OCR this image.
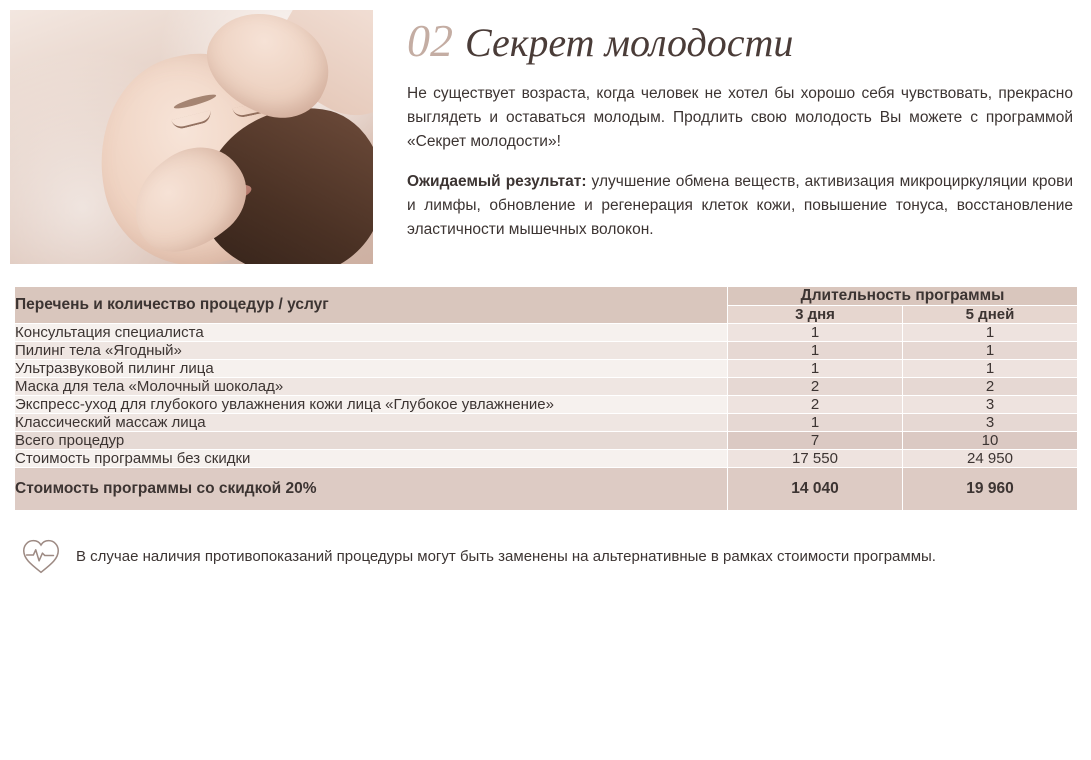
02 Секрет молодости

Не существует возраста, когда человек не хотел бы хорошо себя чувствовать, прекрасно выглядеть и оставаться молодым. Продлить свою молодость Вы можете с программой «Секрет молодости»!

Ожидаемый результат: улучшение обмена веществ, активизация микроциркуляции крови и лимфы, обновление и регенерация клеток кожи, повышение тонуса, восстановление эластичности мышечных волокон.

Перечень и количество процедур / услуг	Длительность программы	
	3 дня	5 дней
Консультация специалиста	1	1
Пилинг тела «Ягодный»	1	1
Ультразвуковой пилинг лица	1	1
Маска для тела «Молочный шоколад»	2	2
Экспресс-уход для глубокого увлажнения кожи лица «Глубокое увлажнение»	2	3
Классический массаж лица	1	3
Всего процедур	7	10
Стоимость программы без скидки	17 550	24 950
Стоимость программы со скидкой 20%	14 040	19 960
В случае наличия противопоказаний процедуры могут быть заменены на альтернативные в рамках стоимости программы.
